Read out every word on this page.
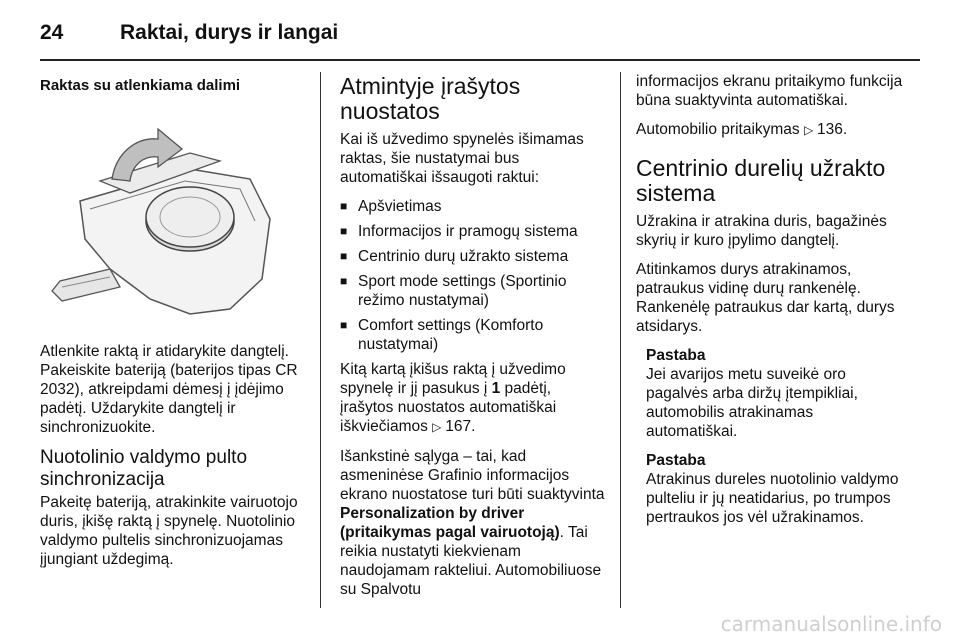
24	Raktai, durys ir langai
Raktas su atlenkiama dalimi

Atlenkite raktą ir atidarykite dangtelį. Pakeiskite bateriją (baterijos tipas CR 2032), atkreipdami dėmesį į įdėjimo padėtį. Uždarykite dangtelį ir sinchronizuokite.

Nuotolinio valdymo pulto sinchronizacija

Pakeitę bateriją, atrakinkite vairuotojo duris, įkišę raktą į spynelę. Nuotolinio valdymo pultelis sinchronizuojamas įjungiant uždegimą.

Atmintyje įrašytos nuostatos

Kai iš užvedimo spynelės išimamas raktas, šie nustatymai bus automatiškai išsaugoti raktui:

■ Apšvietimas
■ Informacijos ir pramogų sistema
■ Centrinio durų užrakto sistema
■ Sport mode settings (Sportinio režimo nustatymai)
■ Comfort settings (Komforto nustatymai)

Kitą kartą įkišus raktą į užvedimo spynelę ir jį pasukus į 1 padėtį, įrašytos nuostatos automatiškai iškviečiamos ▷ 167.

Išankstinė sąlyga – tai, kad asmeninėse Grafinio informacijos ekrano nuostatose turi būti suaktyvinta Personalization by driver (pritaikymas pagal vairuotoją). Tai reikia nustatyti kiekvienam naudojamam rakteliui. Automobiliuose su Spalvotu

informacijos ekranu pritaikymo funkcija būna suaktyvinta automatiškai.

Automobilio pritaikymas ▷ 136.

Centrinio durelių užrakto sistema

Užrakina ir atrakina duris, bagažinės skyrių ir kuro įpylimo dangtelį.

Atitinkamos durys atrakinamos, patraukus vidinę durų rankenėlę. Rankenėlę patraukus dar kartą, durys atsidarys.

Pastaba

Jei avarijos metu suveikė oro pagalvės arba diržų įtempikliai, automobilis atrakinamas automatiškai.

Pastaba

Atrakinus dureles nuotolinio valdymo pulteliu ir jų neatidarius, po trumpos pertraukos jos vėl užrakinamos.

carmanualsonline.info
